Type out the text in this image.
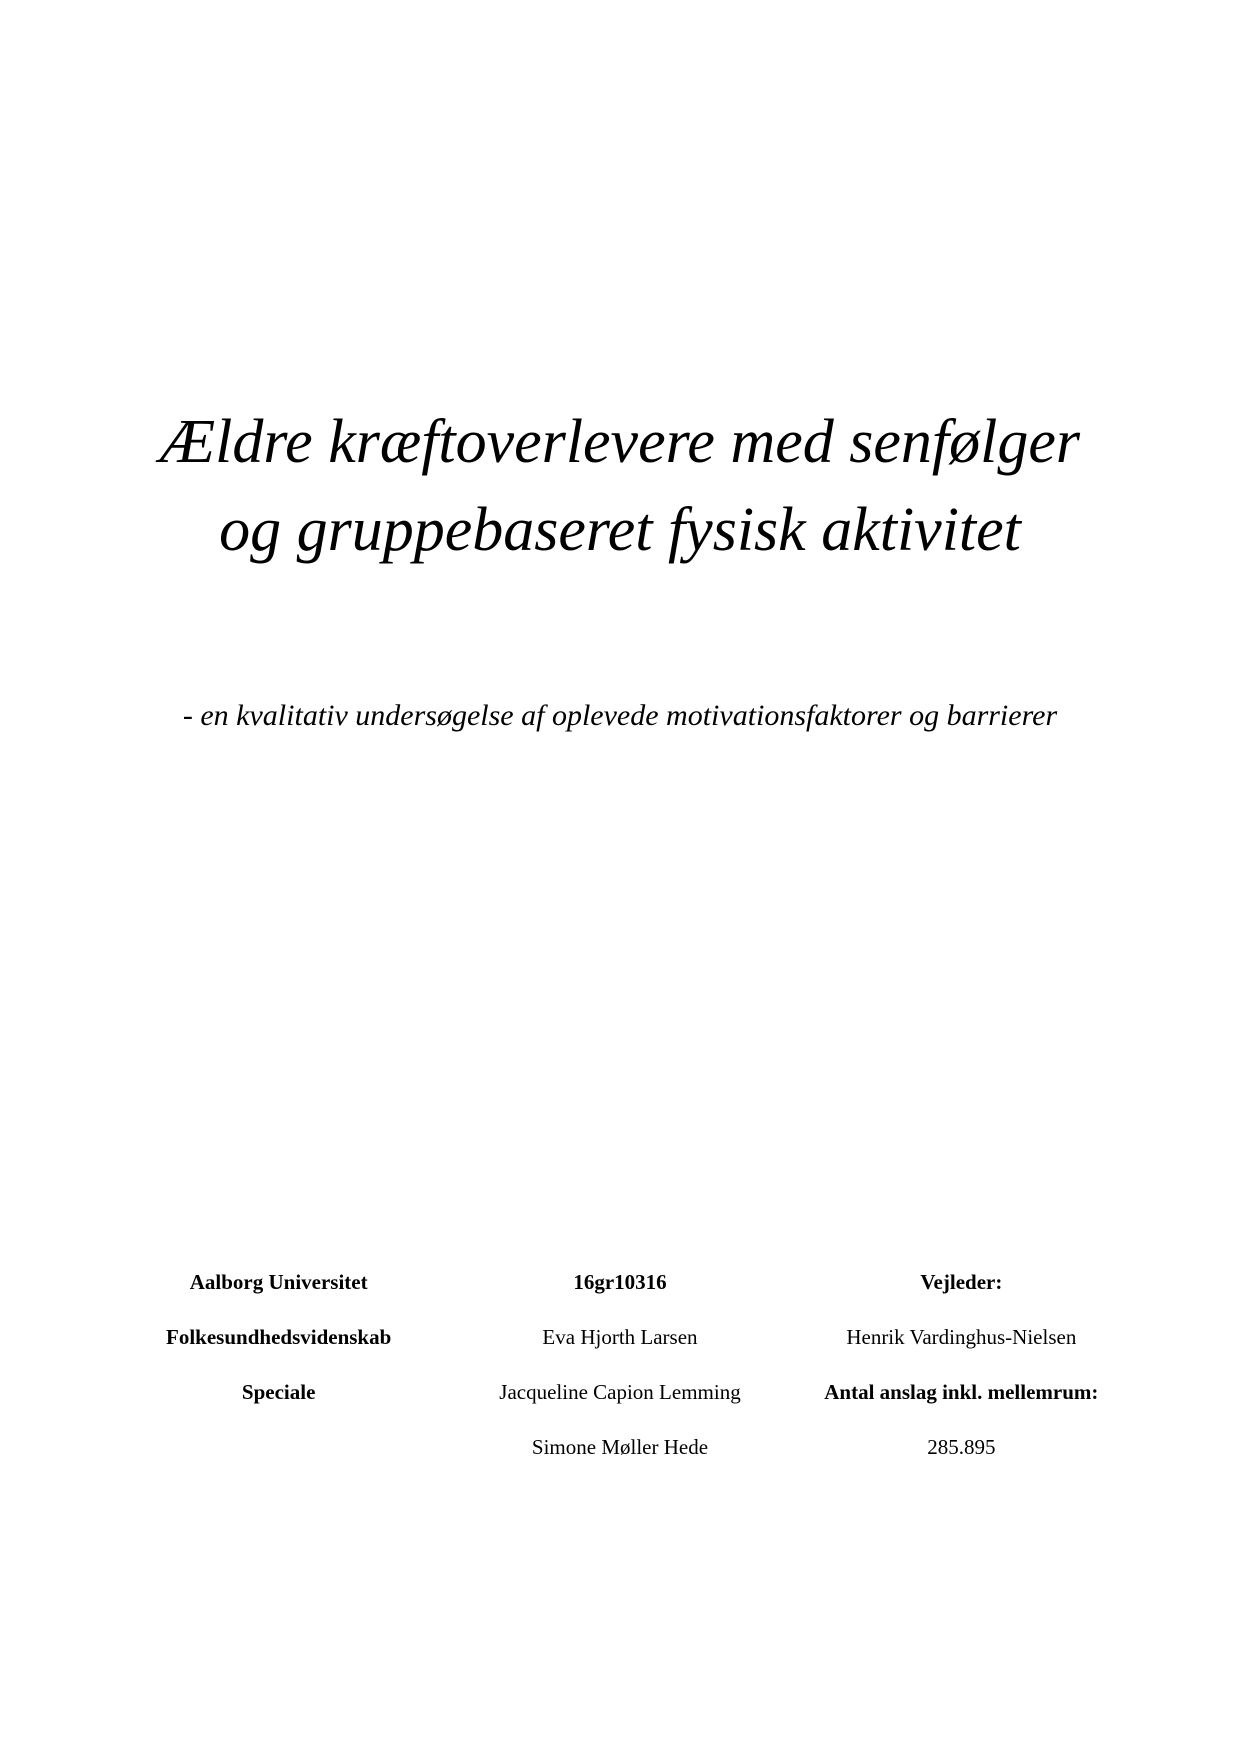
Ældre kræftoverlevere med senfølger
og gruppebaseret fysisk aktivitet

- en kvalitativ undersøgelse af oplevede motivationsfaktorer og barrierer

Aalborg Universitet
Folkesundhedsvidenskab
Speciale
16gr10316
Eva Hjorth Larsen
Jacqueline Capion Lemming
Simone Møller Hede
Vejleder:
Henrik Vardinghus-Nielsen
Antal anslag inkl. mellemrum:
285.895
